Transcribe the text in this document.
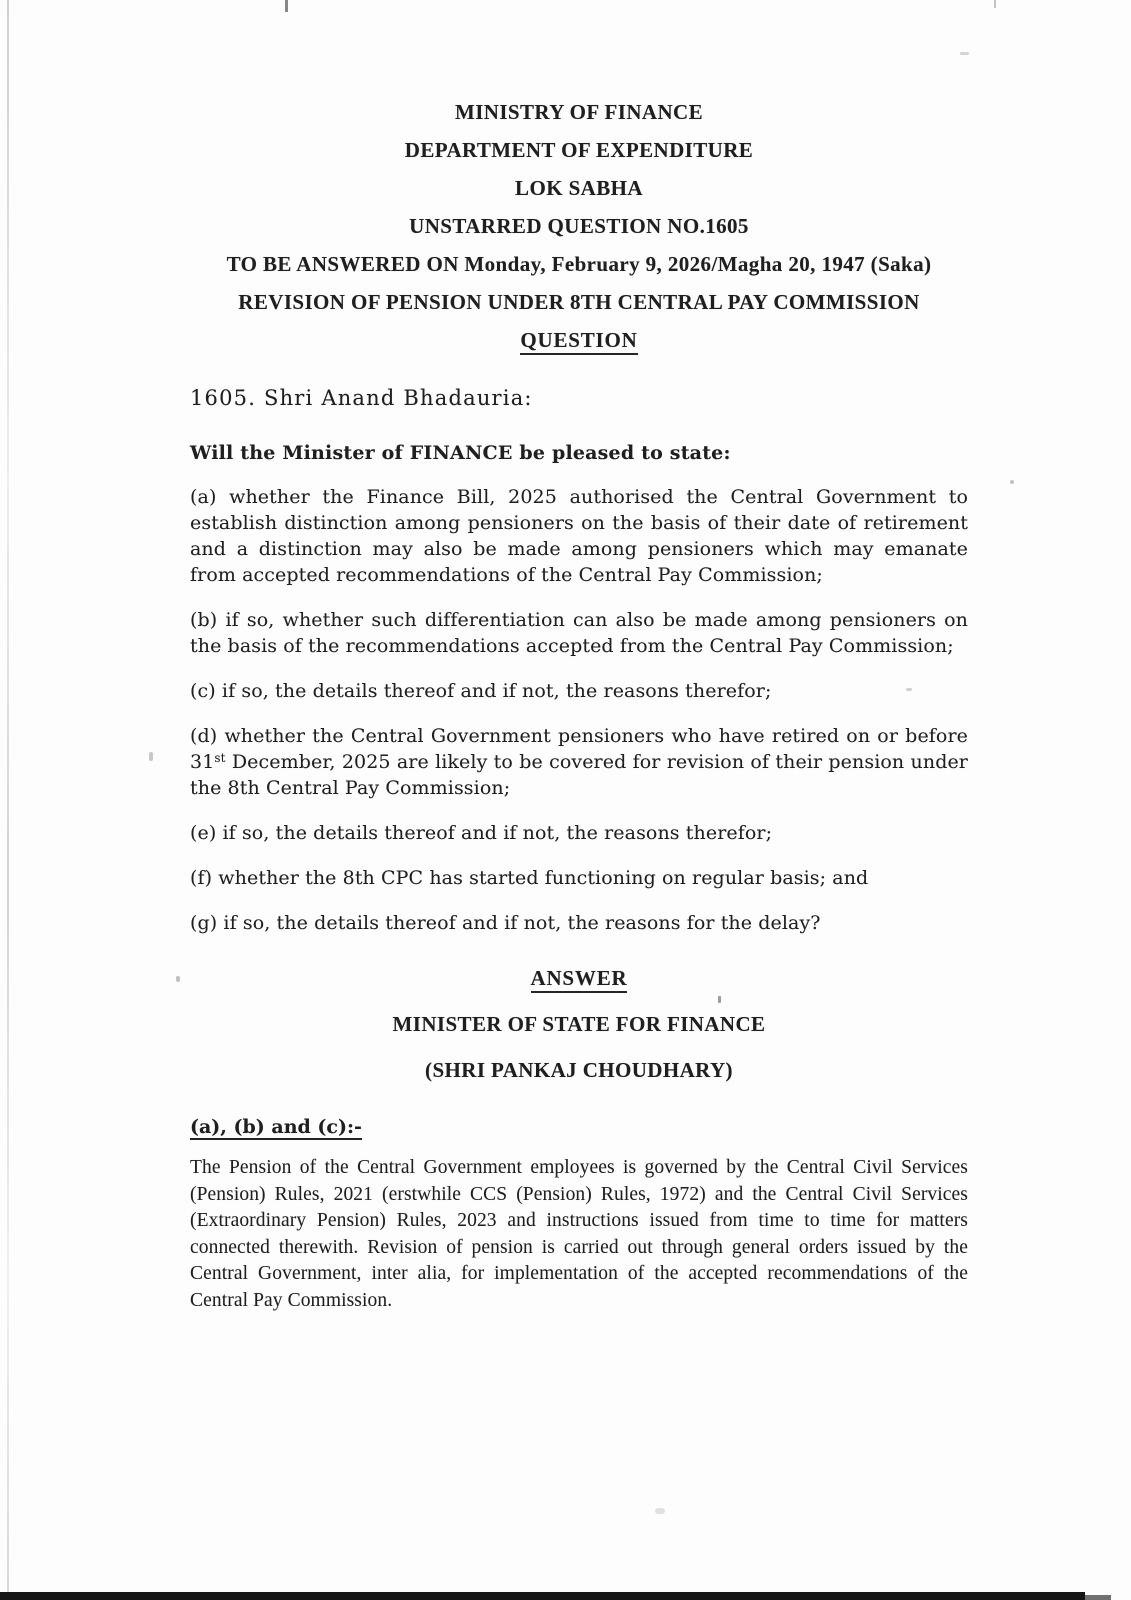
MINISTRY OF FINANCE
DEPARTMENT OF EXPENDITURE
LOK SABHA
UNSTARRED QUESTION NO.1605
TO BE ANSWERED ON Monday, February 9, 2026/Magha 20, 1947 (Saka)
REVISION OF PENSION UNDER 8TH CENTRAL PAY COMMISSION
QUESTION

1605. Shri Anand Bhadauria:

Will the Minister of FINANCE be pleased to state:

(a) whether the Finance Bill, 2025 authorised the Central Government to establish distinction among pensioners on the basis of their date of retirement and a distinction may also be made among pensioners which may emanate from accepted recommendations of the Central Pay Commission;

(b) if so, whether such differentiation can also be made among pensioners on the basis of the recommendations accepted from the Central Pay Commission;

(c) if so, the details thereof and if not, the reasons therefor;

(d) whether the Central Government pensioners who have retired on or before 31st December, 2025 are likely to be covered for revision of their pension under the 8th Central Pay Commission;

(e) if so, the details thereof and if not, the reasons therefor;

(f) whether the 8th CPC has started functioning on regular basis; and

(g) if so, the details thereof and if not, the reasons for the delay?

ANSWER
MINISTER OF STATE FOR FINANCE
(SHRI PANKAJ CHOUDHARY)
(a), (b) and (c):-

The Pension of the Central Government employees is governed by the Central Civil Services (Pension) Rules, 2021 (erstwhile CCS (Pension) Rules, 1972) and the Central Civil Services (Extraordinary Pension) Rules, 2023 and instructions issued from time to time for matters connected therewith. Revision of pension is carried out through general orders issued by the Central Government, inter alia, for implementation of the accepted recommendations of the Central Pay Commission.
